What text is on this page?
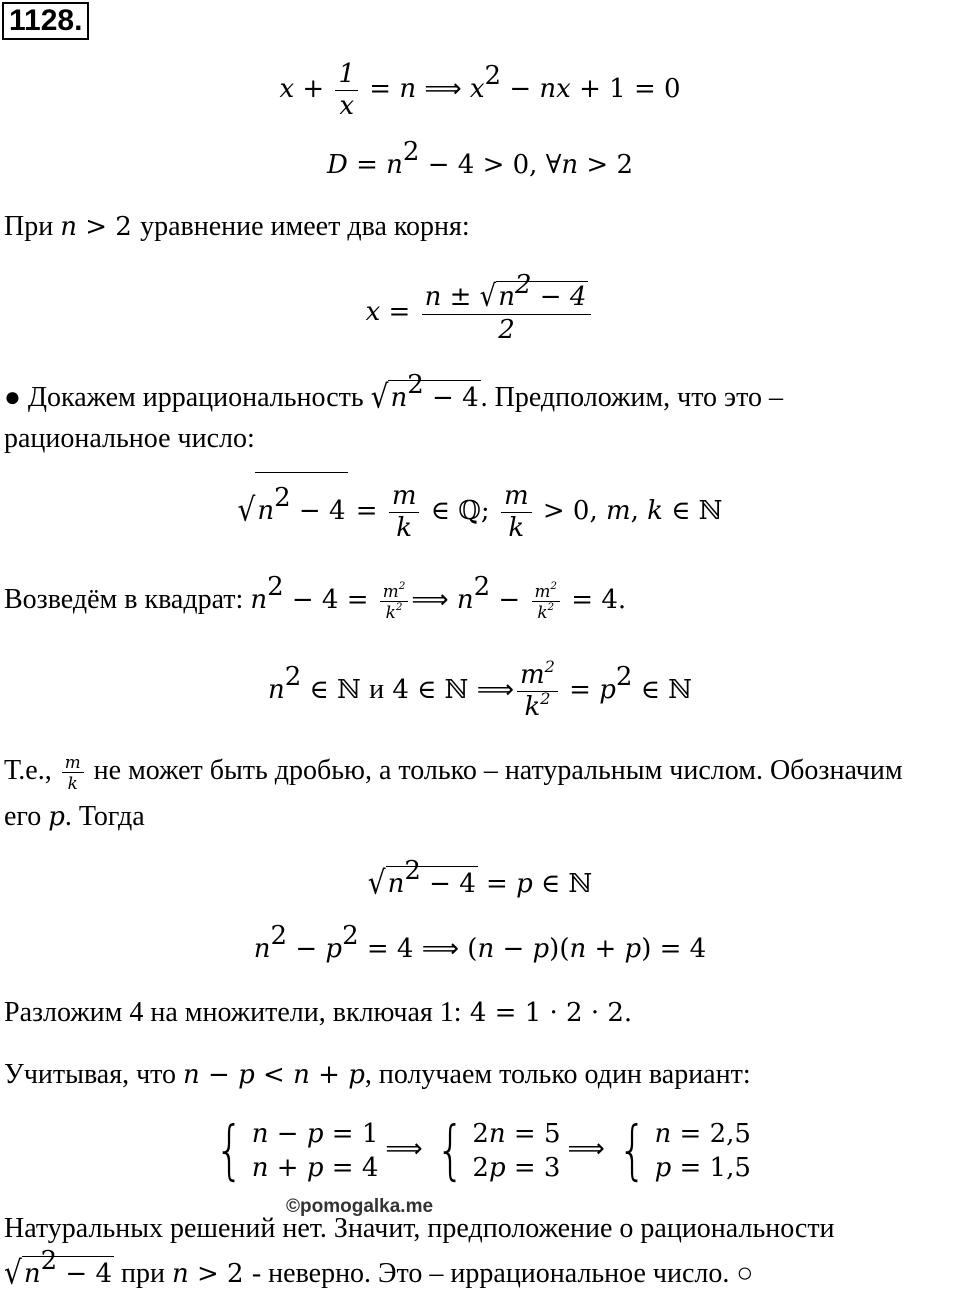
1128.
$x + \frac{1}{x} = n$ ⟹ $x^2$ − nx + 1 = 0
$D = n^2 - 4 > 0$, ∀n > 2
При n > 2 уравнение имеет два корня:
$x = \frac{n \pm √n^2 - 4}{2}$
● Докажем иррациональность $√n^2 - 4$. Предположим, что это –
рациональное число:
$√n^2 - 4 = \frac{m}{k}$ ∈ ℚ; $\frac{m}{k} > 0$, m, k ∈ ℕ
Возведём в квадрат: $n^2 - 4 = \frac{m^2}{k^2}$ ⟹ $n^2 - \frac{m^2}{k^2} = 4$.
$n^2$ ∈ ℕ и 4 ∈ ℕ ⟹ $\frac{m^2}{k^2} = p^2$ ∈ ℕ
Т.е., $\frac{m}{k}$ не может быть дробью, а только – натуральным числом. Обозначим
его p. Тогда
$√n^2 - 4 = p$ ∈ ℕ
$n^2 - p^2 = 4$ ⟹ (n − p)(n + p) = 4
Разложим 4 на множители, включая 1: 4 = 1 · 2 · 2.
Учитывая, что n − p < n + p, получаем только один вариант:
{ n − p = 1
n + p = 4
⟹ { 2n = 5
2p = 3
⟹ { n = 2,5
p = 1,5
©pomogalka.me
Натуральных решений нет. Значит, предположение о рациональности
$√n^2 - 4$ при n > 2 - неверно. Это – иррациональное число. ○
